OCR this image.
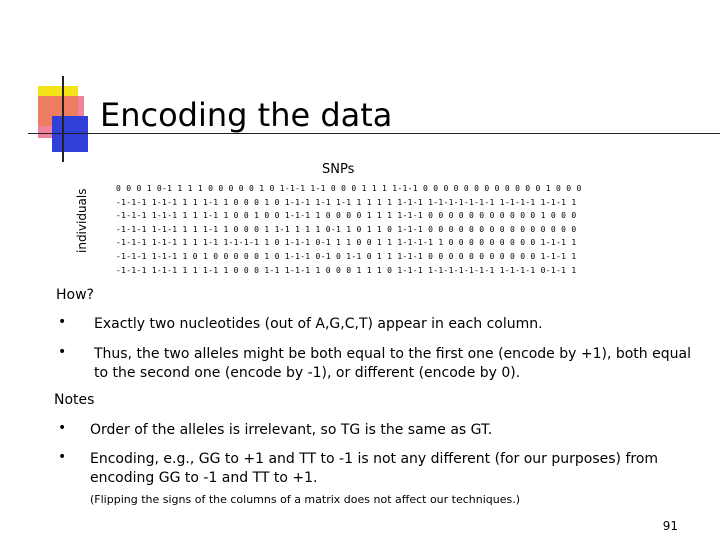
Encoding the data
SNPs
individuals	0 0 0 1 0-1 1 1 1 0 0 0 0 0 1 0 1-1-1 1-1 0 0 0 1 1 1 1-1-1 0 0 0 0 0 0 0 0 0 0 0 0 1 0 0 0
-1-1-1 1-1-1 1 1 1-1 1 0 0 0 1 0 1-1-1 1-1 1-1 1 1 1 1 1-1-1 1-1-1-1-1-1-1 1-1-1-1 1-1-1 1
-1-1-1 1-1-1 1 1 1-1 1 0 0 1 0 0 1-1-1 1 0 0 0 0 1 1 1 1-1-1 0 0 0 0 0 0 0 0 0 0 0 1 0 0 0
-1-1-1 1-1-1 1 1 1-1 1 0 0 0 1 1-1 1 1 1 0-1 1 0 1 1 0 1-1-1 0 0 0 0 0 0 0 0 0 0 0 0 0 0 0
-1-1-1 1-1-1 1 1 1-1 1-1-1-1 1 0 1-1-1 0-1 1 1 0 0 1 1 1-1-1-1 1 0 0 0 0 0 0 0 0 0 1-1-1 1
-1-1-1 1-1-1 1 0 1 0 0 0 0 0 1 0 1-1-1 0-1 0 1-1 0 1 1 1-1-1 0 0 0 0 0 0 0 0 0 0 0 1-1-1 1
-1-1-1 1-1-1 1 1 1-1 1 0 0 0 1-1 1-1-1 1 0 0 0 1 1 1 0 1-1-1 1-1-1-1-1-1-1 1-1-1-1 0-1-1 1
How?
• Exactly two nucleotides (out of A,G,C,T) appear in each column.
• Thus, the two alleles might be both equal to the first one (encode by +1), both equal to the second one (encode by -1), or different (encode by 0).
Notes
• Order of the alleles is irrelevant, so TG is the same as GT.
• Encoding, e.g., GG to +1 and TT to -1 is not any different (for our purposes) from encoding GG to -1 and TT to +1.
(Flipping the signs of the columns of a matrix does not affect our techniques.)
91
